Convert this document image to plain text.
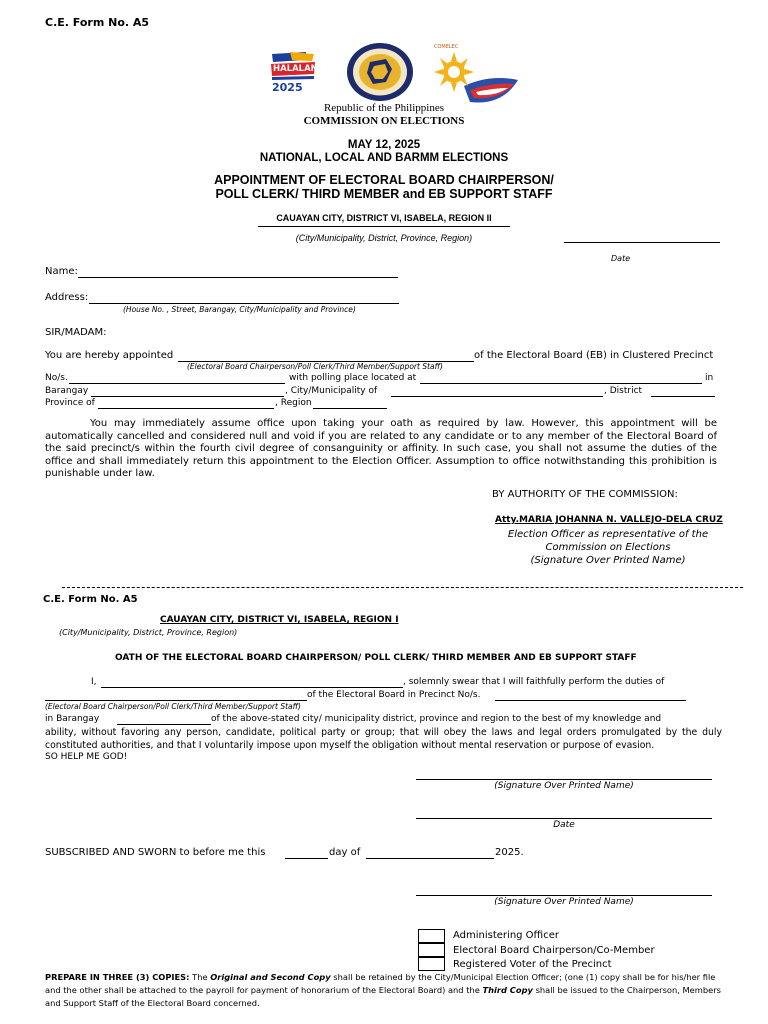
C.E. Form No. A5
HALALAN
2025
COMELEC
Republic of the Philippines
COMMISSION ON ELECTIONS
MAY 12, 2025
NATIONAL, LOCAL AND BARMM ELECTIONS
APPOINTMENT OF ELECTORAL BOARD CHAIRPERSON/
POLL CLERK/ THIRD MEMBER and EB SUPPORT STAFF
CAUAYAN CITY, DISTRICT VI, ISABELA, REGION II
(City/Municipality, District, Province, Region)
Date
Name:
Address:
(House No. , Street, Barangay, City/Municipality and Province)
SIR/MADAM:
You are hereby appointed	of the Electoral Board (EB) in Clustered Precinct
(Electoral Board Chairperson/Poll Clerk/Third Member/Support Staff)
No/s.	with polling place located at	in
Barangay	, City/Municipality of	, District
Province of	, Region
You may immediately assume office upon taking your oath as required by law. However, this appointment will be automatically cancelled and considered null and void if you are related to any candidate or to any member of the Electoral Board of the said precinct/s within the fourth civil degree of consanguinity or affinity. In such case, you shall not assume the duties of the office and shall immediately return this appointment to the Election Officer. Assumption to office notwithstanding this prohibition is punishable under law.
BY AUTHORITY OF THE COMMISSION:
Atty.MARIA JOHANNA N. VALLEJO-DELA CRUZ
Election Officer as representative of the
Commission on Elections
(Signature Over Printed Name)
C.E. Form No. A5
CAUAYAN CITY, DISTRICT VI, ISABELA, REGION I
(City/Municipality, District, Province, Region)
OATH OF THE ELECTORAL BOARD CHAIRPERSON/ POLL CLERK/ THIRD MEMBER AND EB SUPPORT STAFF
I,	, solemnly swear that I will faithfully perform the duties of
of the Electoral Board in Precinct No/s.
(Electoral Board Chairperson/Poll Clerk/Third Member/Support Staff)
in Barangay	of the above-stated city/ municipality district, province and region to the best of my knowledge and
ability, without favoring any person, candidate, political party or group; that will obey the laws and legal orders promulgated by the duly constituted authorities, and that I voluntarily impose upon myself the obligation without mental reservation or purpose of evasion.
SO HELP ME GOD!
(Signature Over Printed Name)
Date
SUBSCRIBED AND SWORN to before me this	day of	2025.
(Signature Over Printed Name)
Administering Officer
Electoral Board Chairperson/Co-Member
Registered Voter of the Precinct
PREPARE IN THREE (3) COPIES: The Original and Second Copy shall be retained by the City/Municipal Election Officer; (one (1) copy shall be for his/her file and the other shall be attached to the payroll for payment of honorarium of the Electoral Board) and the Third Copy shall be issued to the Chairperson, Members and Support Staff of the Electoral Board concerned.
